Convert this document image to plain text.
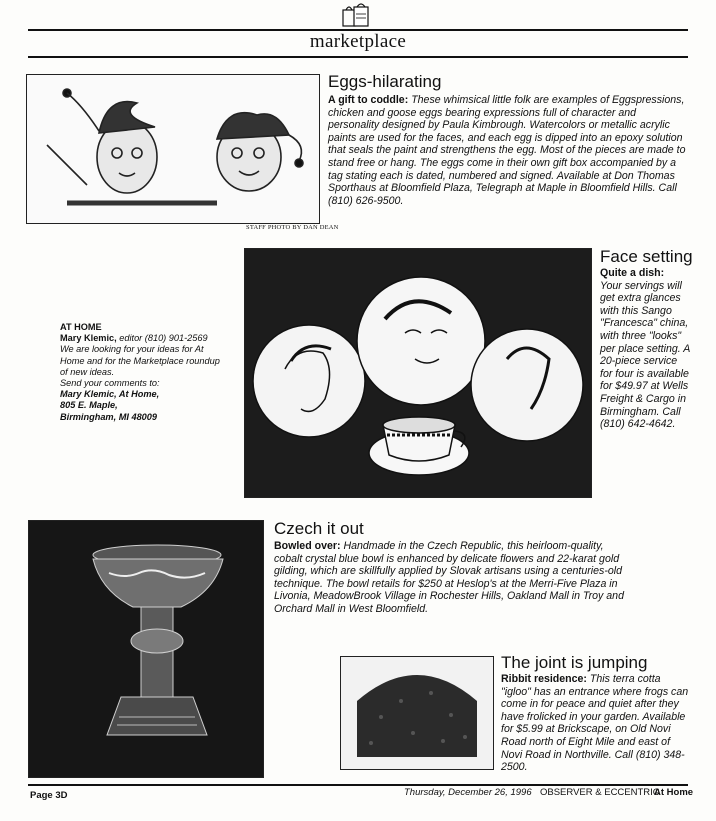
marketplace
STAFF PHOTO BY DAN DEAN
Eggs-hilarating
A gift to coddle: These whimsical little folk are examples of Eggspressions, chicken and goose eggs bearing expressions full of character and personality designed by Paula Kimbrough. Watercolors or metallic acrylic paints are used for the faces, and each egg is dipped into an epoxy solution that seals the paint and strengthens the egg. Most of the pieces are made to stand free or hang. The eggs come in their own gift box accompanied by a tag stating each is dated, numbered and signed. Available at Don Thomas Sporthaus at Bloomfield Plaza, Telegraph at Maple in Bloomfield Hills. Call (810) 626-9500.
AT HOME
Mary Klemic, editor (810) 901-2569
We are looking for your ideas for At Home and for the Marketplace roundup of new ideas.
Send your comments to:
Mary Klemic, At Home,
805 E. Maple,
Birmingham, MI 48009
Face setting
Quite a dish:
Your servings will get extra glances with this Sango "Francesca" china, with three "looks" per place setting. A 20-piece service for four is available for $49.97 at Wells Freight & Cargo in Birmingham. Call (810) 642-4642.
Czech it out
Bowled over: Handmade in the Czech Republic, this heirloom-quality, cobalt crystal blue bowl is enhanced by delicate flowers and 22-karat gold gilding, which are skillfully applied by Slovak artisans using a centuries-old technique. The bowl retails for $250 at Heslop's at the Merri-Five Plaza in Livonia, MeadowBrook Village in Rochester Hills, Oakland Mall in Troy and Orchard Mall in West Bloomfield.
The joint is jumping
Ribbit residence: This terra cotta "igloo" has an entrance where frogs can come in for peace and quiet after they have frolicked in your garden. Available for $5.99 at Brickscape, on Old Novi Road north of Eight Mile and east of Novi Road in Northville. Call (810) 348-2500.
Page 3D	Thursday, December 26, 1996 OBSERVER & ECCENTRIC
At Home
